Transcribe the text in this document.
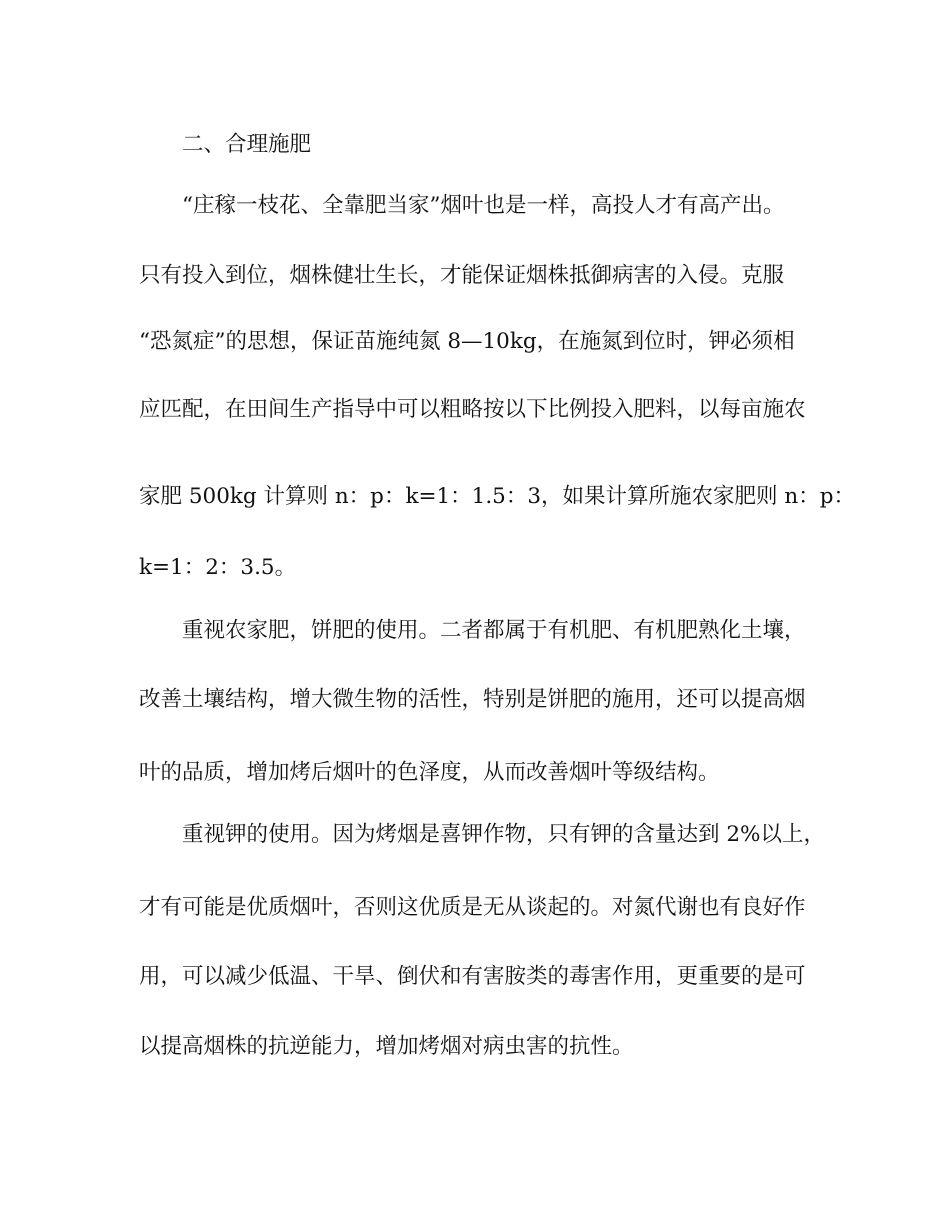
二、合理施肥
“庄稼一枝花、全靠肥当家”烟叶也是一样，高投人才有高产出。
只有投入到位，烟株健壮生长，才能保证烟株抵御病害的入侵。克服
“恐氮症”的思想，保证苗施纯氮 8—10kg，在施氮到位时，钾必须相
应匹配，在田间生产指导中可以粗略按以下比例投入肥料，以每亩施农
家肥 500kg 计算则 n：p：k=1：1.5：3，如果计算所施农家肥则 n：p：
k=1：2：3.5。
重视农家肥，饼肥的使用。二者都属于有机肥、有机肥熟化土壤，
改善土壤结构，增大微生物的活性，特别是饼肥的施用，还可以提高烟
叶的品质，增加烤后烟叶的色泽度，从而改善烟叶等级结构。
重视钾的使用。因为烤烟是喜钾作物，只有钾的含量达到 2%以上，
才有可能是优质烟叶，否则这优质是无从谈起的。对氮代谢也有良好作
用，可以减少低温、干旱、倒伏和有害胺类的毒害作用，更重要的是可
以提高烟株的抗逆能力，增加烤烟对病虫害的抗性。
